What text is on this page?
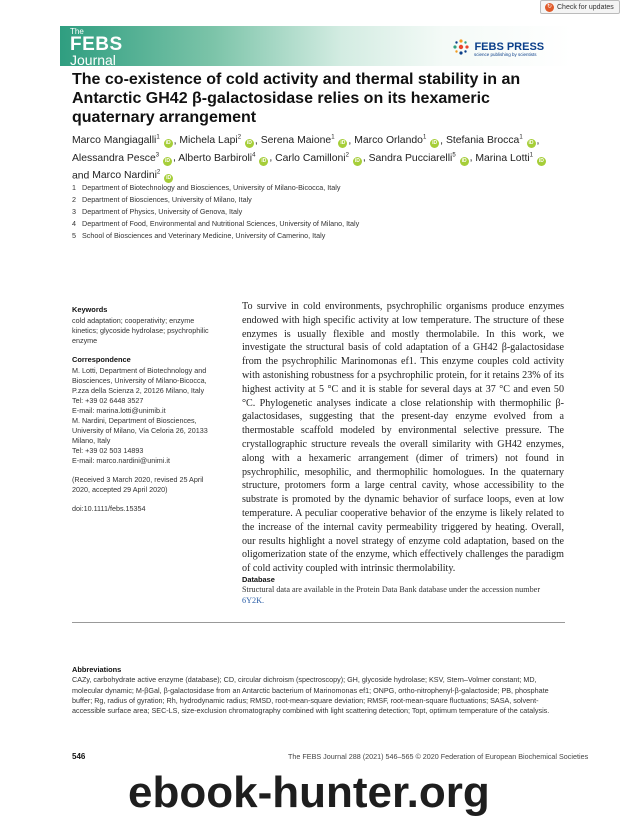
↻ Check for updates
The
FEBS
Journal
FEBS PRESS
science publishing by scientists
The co-existence of cold activity and thermal stability in an Antarctic GH42 β-galactosidase relies on its hexameric quaternary arrangement
Marco Mangiagalli$^1$ iD , Michela Lapi$^2$ iD , Serena Maione$^1$ iD , Marco Orlando$^1$ iD , Stefania Brocca$^1$ iD , Alessandra Pesce$^3$ iD , Alberto Barbiroli$^4$ iD , Carlo Camilloni$^2$ iD , Sandra Pucciarelli$^5$ iD , Marina Lotti$^1$ iD and Marco Nardini$^2$ iD
1 Department of Biotechnology and Biosciences, University of Milano-Bicocca, Italy
2 Department of Biosciences, University of Milano, Italy
3 Department of Physics, University of Genova, Italy
4 Department of Food, Environmental and Nutritional Sciences, University of Milano, Italy
5 School of Biosciences and Veterinary Medicine, University of Camerino, Italy
Keywords
cold adaptation; cooperativity; enzyme kinetics; glycoside hydrolase; psychrophilic enzyme
Correspondence
M. Lotti, Department of Biotechnology and Biosciences, University of Milano-Bicocca, P.zza della Scienza 2, 20126 Milano, Italy
Tel: +39 02 6448 3527
E-mail: marina.lotti@unimib.it
M. Nardini, Department of Biosciences, University of Milano, Via Celoria 26, 20133 Milano, Italy
Tel: +39 02 503 14893
E-mail: marco.nardini@unimi.it
(Received 3 March 2020, revised 25 April 2020, accepted 29 April 2020)
doi:10.1111/febs.15354

To survive in cold environments, psychrophilic organisms produce enzymes endowed with high specific activity at low temperature. The structure of these enzymes is usually flexible and mostly thermolabile. In this work, we investigate the structural basis of cold adaptation of a GH42 β-galactosidase from the psychrophilic Marinomonas ef1. This enzyme couples cold activity with astonishing robustness for a psychrophilic protein, for it retains 23% of its highest activity at 5 °C and it is stable for several days at 37 °C and even 50 °C. Phylogenetic analyses indicate a close relationship with thermophilic β-galactosidases, suggesting that the present-day enzyme evolved from a thermostable scaffold modeled by environmental selective pressure. The crystallographic structure reveals the overall similarity with GH42 enzymes, along with a hexameric arrangement (dimer of trimers) not found in psychrophilic, mesophilic, and thermophilic homologues. In the quaternary structure, protomers form a large central cavity, whose accessibility to the substrate is promoted by the dynamic behavior of surface loops, even at low temperature. A peculiar cooperative behavior of the enzyme is likely related to the increase of the internal cavity permeability triggered by heating. Overall, our results highlight a novel strategy of enzyme cold adaptation, based on the oligomerization state of the enzyme, which effectively challenges the paradigm of cold activity coupled with intrinsic thermolability.

Database
Structural data are available in the Protein Data Bank database under the accession number 6Y2K.
Abbreviations
CAZy, carbohydrate active enzyme (database); CD, circular dichroism (spectroscopy); GH, glycoside hydrolase; KSV, Stern–Volmer constant; MD, molecular dynamic; M-βGal, β-galactosidase from an Antarctic bacterium of Marinomonas ef1; ONPG, ortho-nitrophenyl-β-galactoside; PB, phosphate buffer; Rg, radius of gyration; Rh, hydrodynamic radius; RMSD, root-mean-square deviation; RMSF, root-mean-square fluctuations; SASA, solvent-accessible surface area; SEC-LS, size-exclusion chromatography combined with light scattering detection; Topt, optimum temperature of the catalysis.
546	The FEBS Journal 288 (2021) 546–565 © 2020 Federation of European Biochemical Societies
ebook-hunter.org
